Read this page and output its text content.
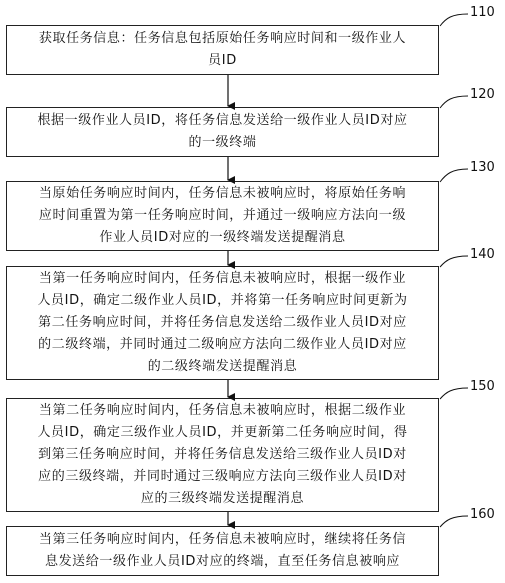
获取任务信息：任务信息包括原始任务响应时间和一级作业人
员ID
110
根据一级作业人员ID，将任务信息发送给一级作业人员ID对应
的一级终端
120
当原始任务响应时间内，任务信息未被响应时，将原始任务响
应时间重置为第一任务响应时间，并通过一级响应方法向一级
作业人员ID对应的一级终端发送提醒消息
130
当第一任务响应时间内，任务信息未被响应时，根据一级作业
人员ID，确定二级作业人员ID，并将第一任务响应时间更新为
第二任务响应时间，并将任务信息发送给二级作业人员ID对应
的二级终端，并同时通过二级响应方法向二级作业人员ID对应
的二级终端发送提醒消息
140
当第二任务响应时间内，任务信息未被响应时，根据二级作业
人员ID，确定三级作业人员ID，并更新第二任务响应时间，得
到第三任务响应时间，并将任务信息发送给三级作业人员ID对
应的三级终端，并同时通过三级响应方法向三级作业人员ID对
应的三级终端发送提醒消息
150
当第三任务响应时间内，任务信息未被响应时，继续将任务信
息发送给一级作业人员ID对应的终端，直至任务信息被响应
160
